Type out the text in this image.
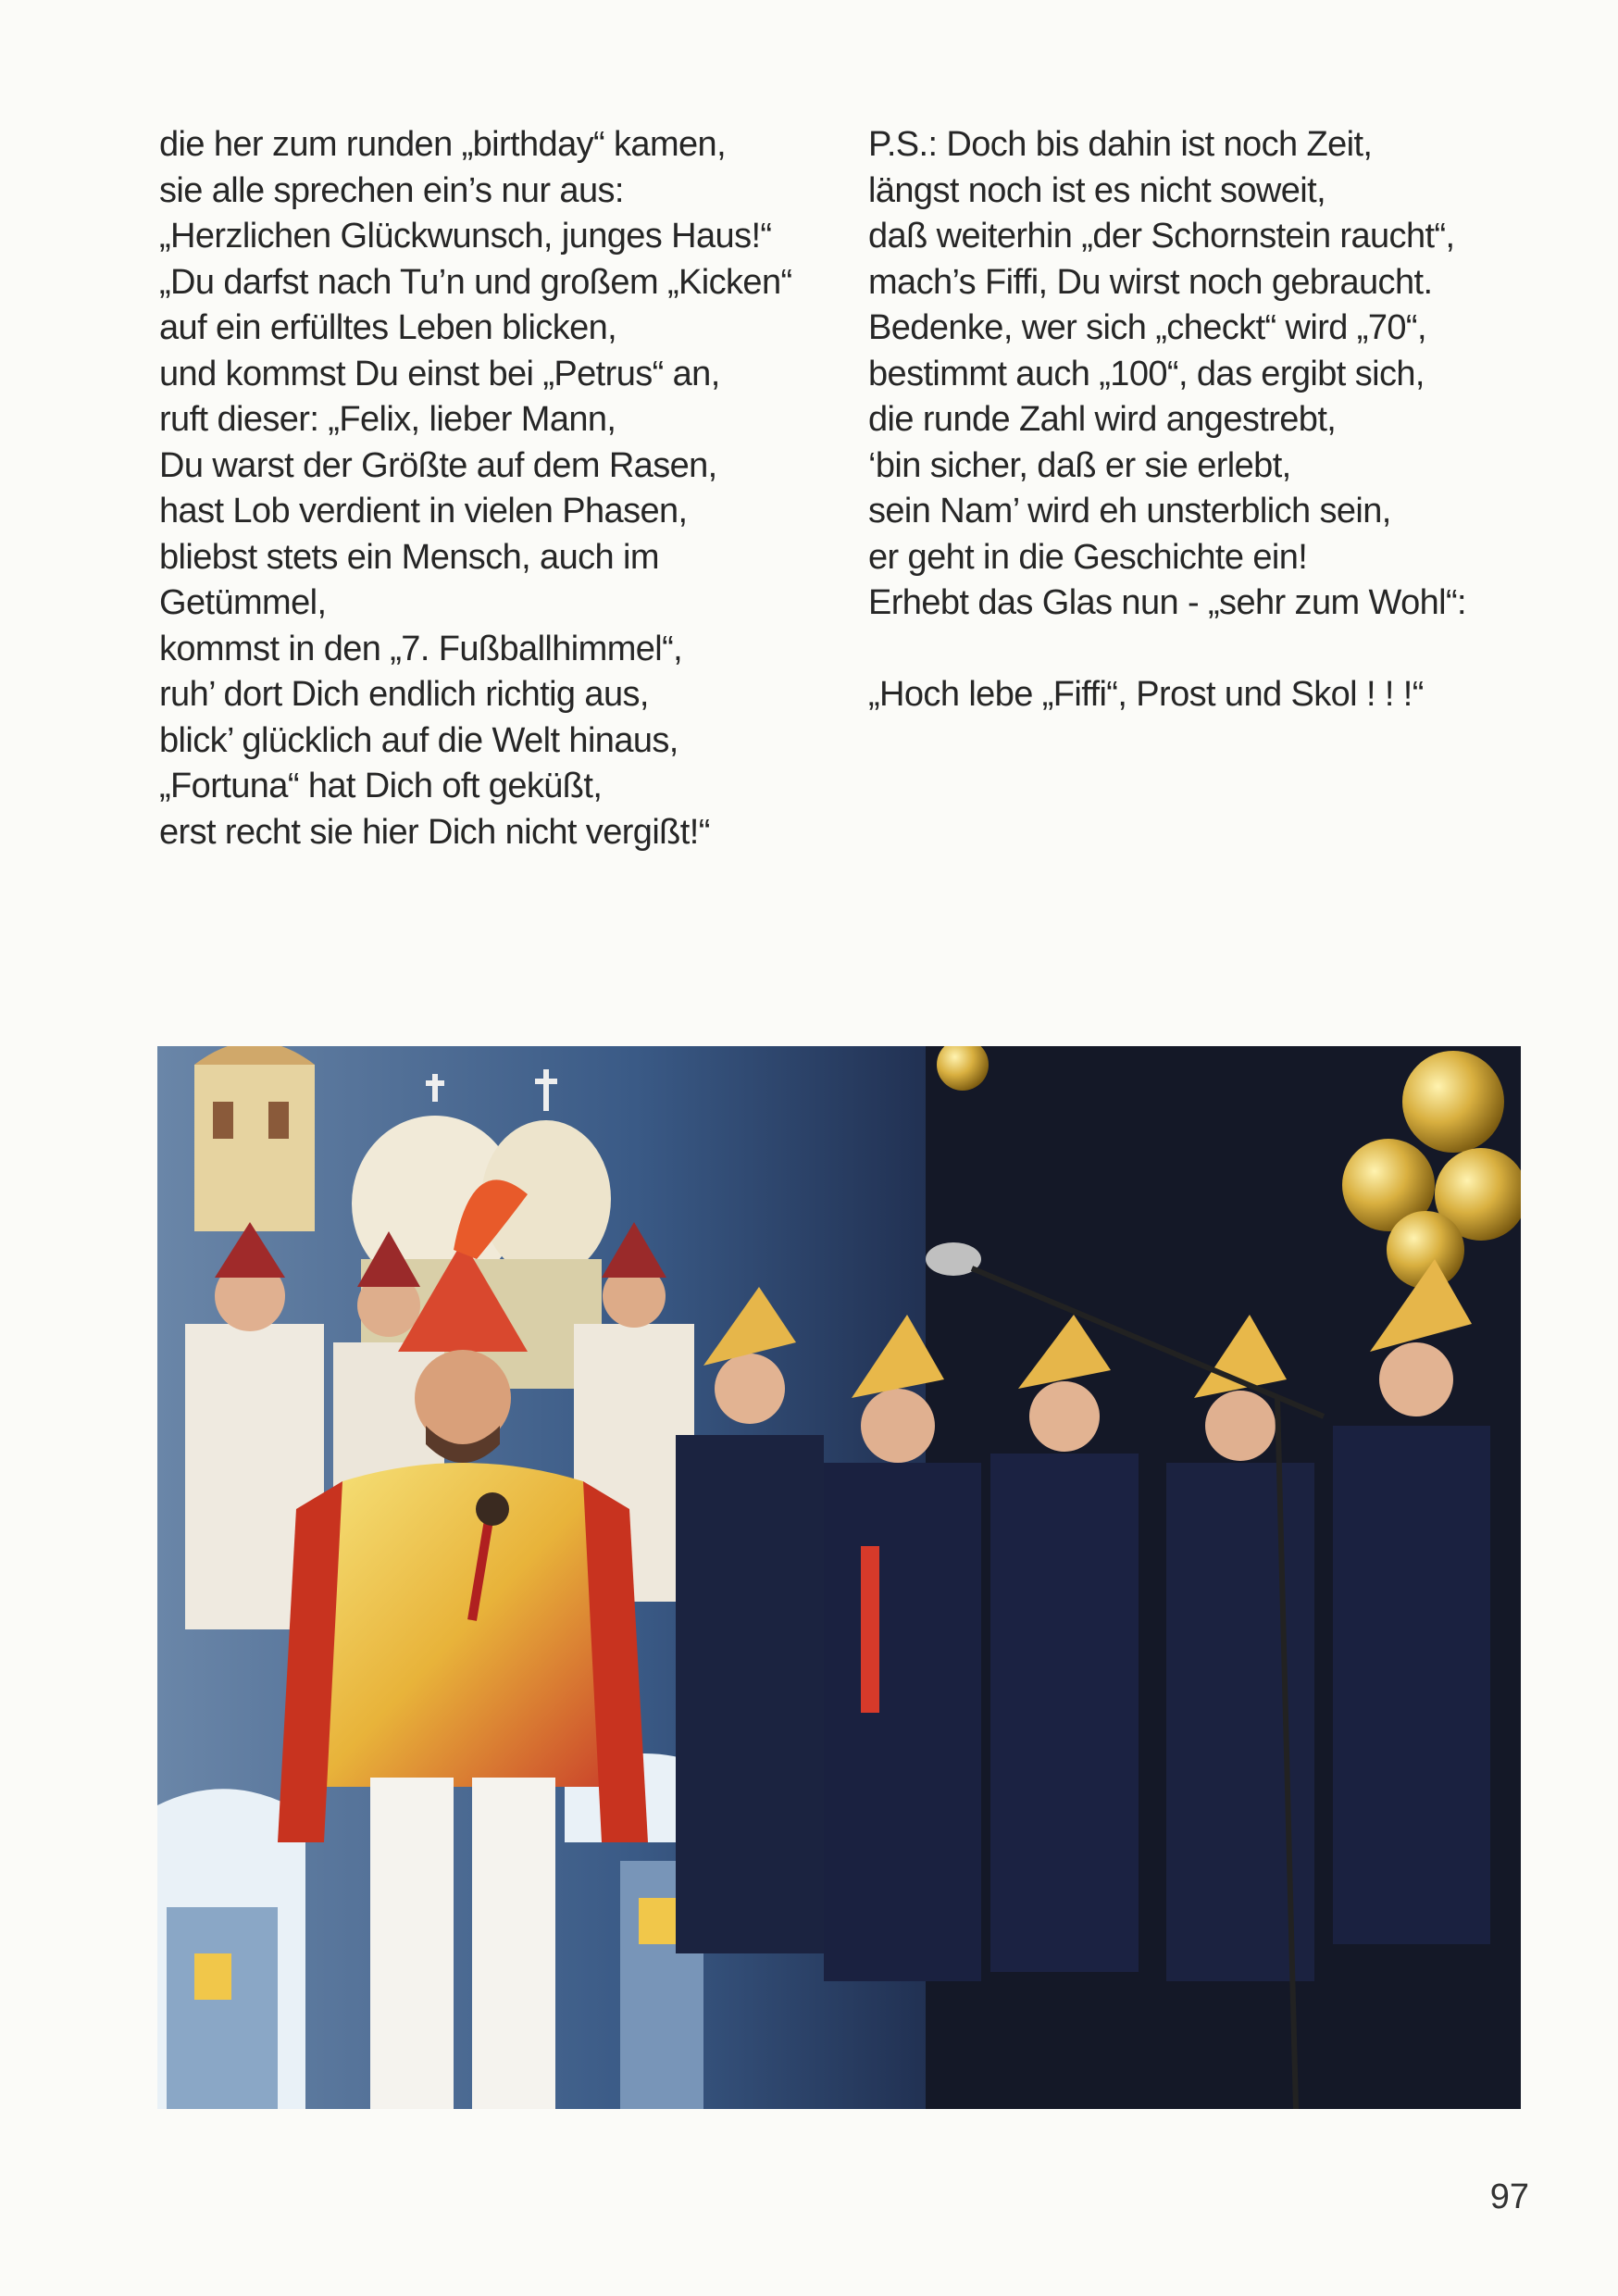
die her zum runden „birthday“ kamen,
sie alle sprechen ein’s nur aus:
„Herzlichen Glückwunsch, junges Haus!“
„Du darfst nach Tu’n und großem „Kicken“
auf ein erfülltes Leben blicken,
und kommst Du einst bei „Petrus“ an,
ruft dieser: „Felix, lieber Mann,
Du warst der Größte auf dem Rasen,
hast Lob verdient in vielen Phasen,
bliebst stets ein Mensch, auch im
Getümmel,
kommst in den „7. Fußballhimmel“,
ruh’ dort Dich endlich richtig aus,
blick’ glücklich auf die Welt hinaus,
„Fortuna“ hat Dich oft geküßt,
erst recht sie hier Dich nicht vergißt!“
P.S.: Doch bis dahin ist noch Zeit,
längst noch ist es nicht soweit,
daß weiterhin „der Schornstein raucht“,
mach’s Fiffi, Du wirst noch gebraucht.
Bedenke, wer sich „checkt“ wird „70“,
bestimmt auch „100“, das ergibt sich,
die runde Zahl wird angestrebt,
‘bin sicher, daß er sie erlebt,
sein Nam’ wird eh unsterblich sein,
er geht in die Geschichte ein!
Erhebt das Glas nun - „sehr zum Wohl“:
„Hoch lebe „Fiffi“, Prost und Skol ! ! !“
97
